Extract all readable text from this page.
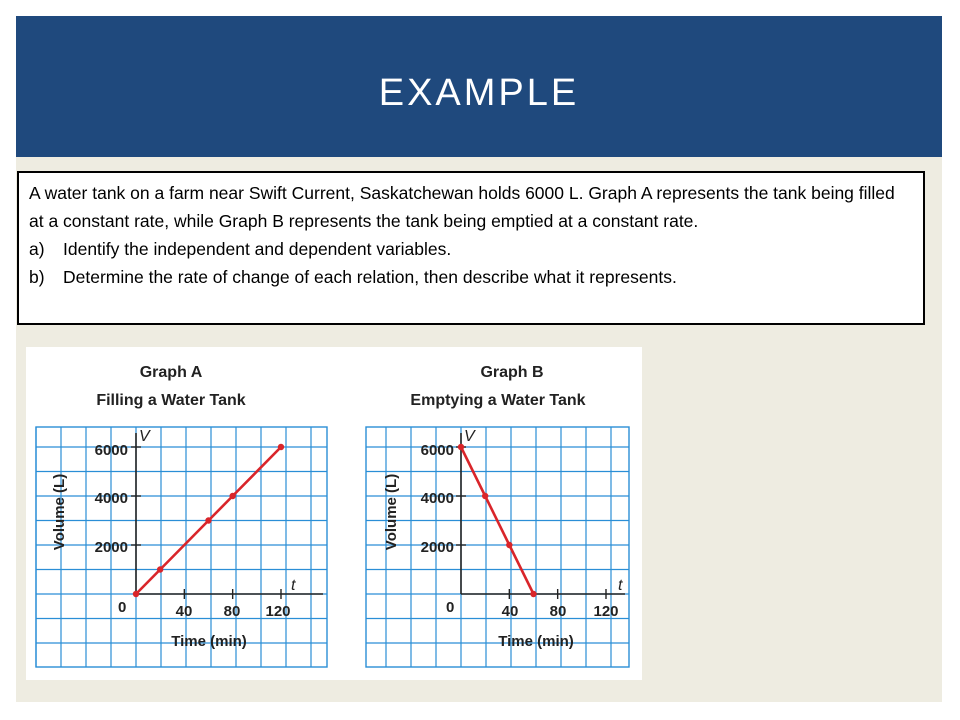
EXAMPLE

A water tank on a farm near Swift Current, Saskatchewan holds 6000 L. Graph A represents the tank being filled at a constant rate, while Graph B represents the tank being emptied at a constant rate.

a)	Identify the independent and dependent variables.
b)	Determine the rate of change of each relation, then describe what it represents.
Graph A
Filling a Water Tank
V
t
0	40 80 120
2000
4000
6000
Time (min)
Volume (L)
Graph B
Emptying a Water Tank
V
t
0	40 80 120
2000
4000
6000
Time (min)
Volume (L)
